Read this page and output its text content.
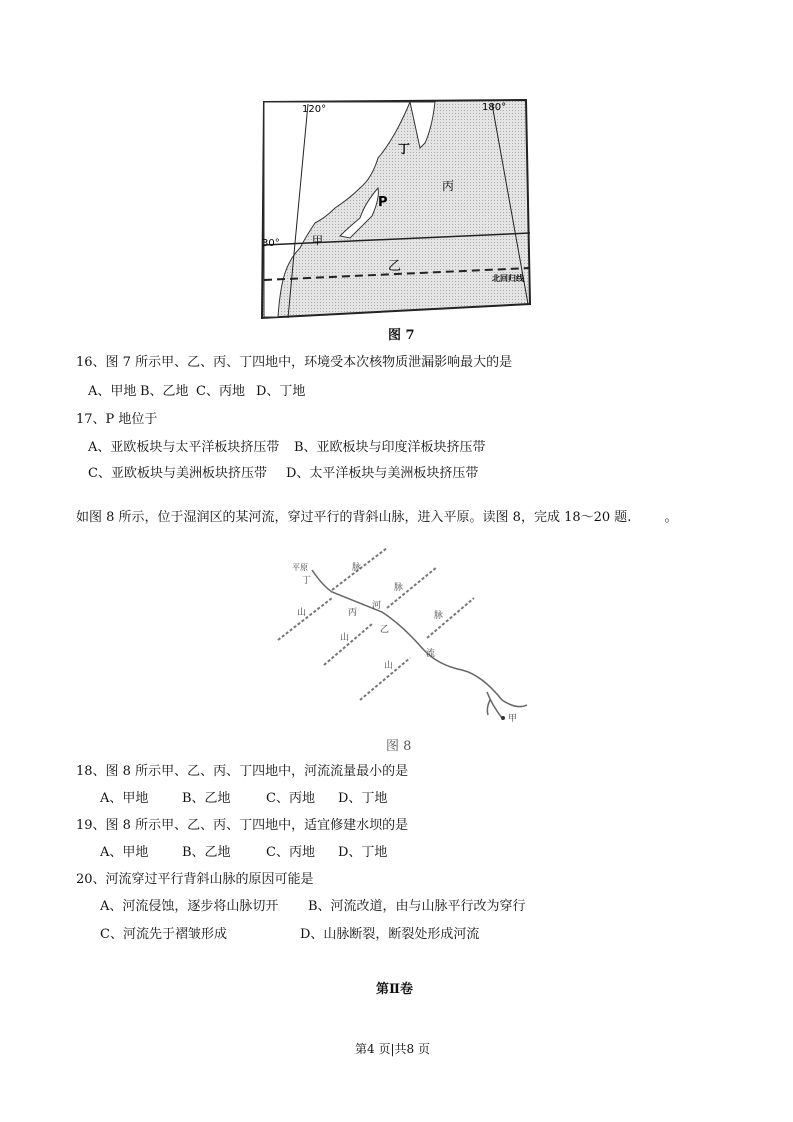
120°	180°
30°
丁
丙
P
甲
乙
北回归线
图 7
16、图 7 所示甲、乙、丙、丁四地中，环境受本次核物质泄漏影响最大的是
A、甲地 B、乙地 C、丙地 D、丁地
17、P 地位于
A、亚欧板块与太平洋板块挤压带 B、亚欧板块与印度洋板块挤压带
C、亚欧板块与美洲板块挤压带 D、太平洋板块与美洲板块挤压带
如图 8 所示，位于湿润区的某河流，穿过平行的背斜山脉，进入平原。读图 8，完成 18～20 题.        。
平原
丁
脉
山	丙
河
脉
乙
山
脉
流
山
甲
图 8
18、图 8 所示甲、乙、丙、丁四地中，河流流量最小的是
A、甲地	B、乙地	C、丙地 D、丁地
19、图 8 所示甲、乙、丙、丁四地中，适宜修建水坝的是
A、甲地	B、乙地	C、丙地 D、丁地
20、河流穿过平行背斜山脉的原因可能是
A、河流侵蚀，逐步将山脉切开 B、河流改道，由与山脉平行改为穿行
C、河流先于褶皱形成	D、山脉断裂，断裂处形成河流
第Ⅱ卷
第4 页|共8 页
